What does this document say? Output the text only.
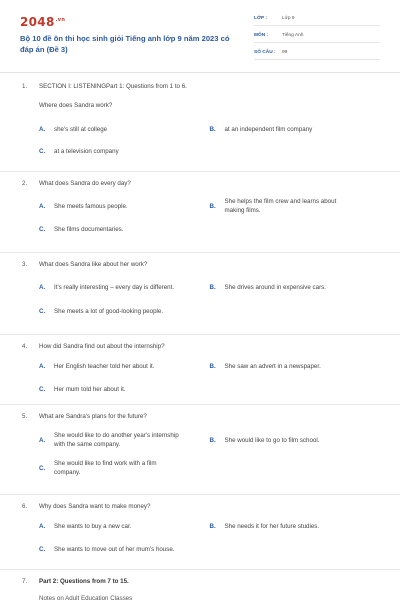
$2048^{.vn}$
Bộ 10 đề ôn thi học sinh giỏi Tiếng anh lớp 9 năm 2023 có đáp án (Đề 3)
LỚP :	Lớp 9
MÔN :	Tiếng Anh
SỐ CÂU :	99
1.	SECTION I: LISTENINGPart 1: Questions from 1 to 6.
Where does Sandra work?
A.	she's still at college	B.	at an independent film company
C.	at a television company
2.	What does Sandra do every day?
A.	She meets famous people.	B.
She helps the film crew and learns about making films.
C.	She films documentaries.
3.	What does Sandra like about her work?
A.	It's really interesting – every day is different.	B.	She drives around in expensive cars.
C.	She meets a lot of good-looking people.
4.	How did Sandra find out about the internship?
A.	Her English teacher told her about it.	B.	She saw an advert in a newspaper.
C.	Her mum told her about it.
5.	What are Sandra's plans for the future?
A.
She would like to do another year's internship with the same company.
B.	She would like to go to film school.
C.
She would like to find work with a film company.
6.	Why does Sandra want to make money?
A.	She wants to buy a new car.	B.	She needs it for her future studies.
C.	She wants to move out of her mum's house.
7.	Part 2: Questions from 7 to 15.
Notes on Adult Education Classes
